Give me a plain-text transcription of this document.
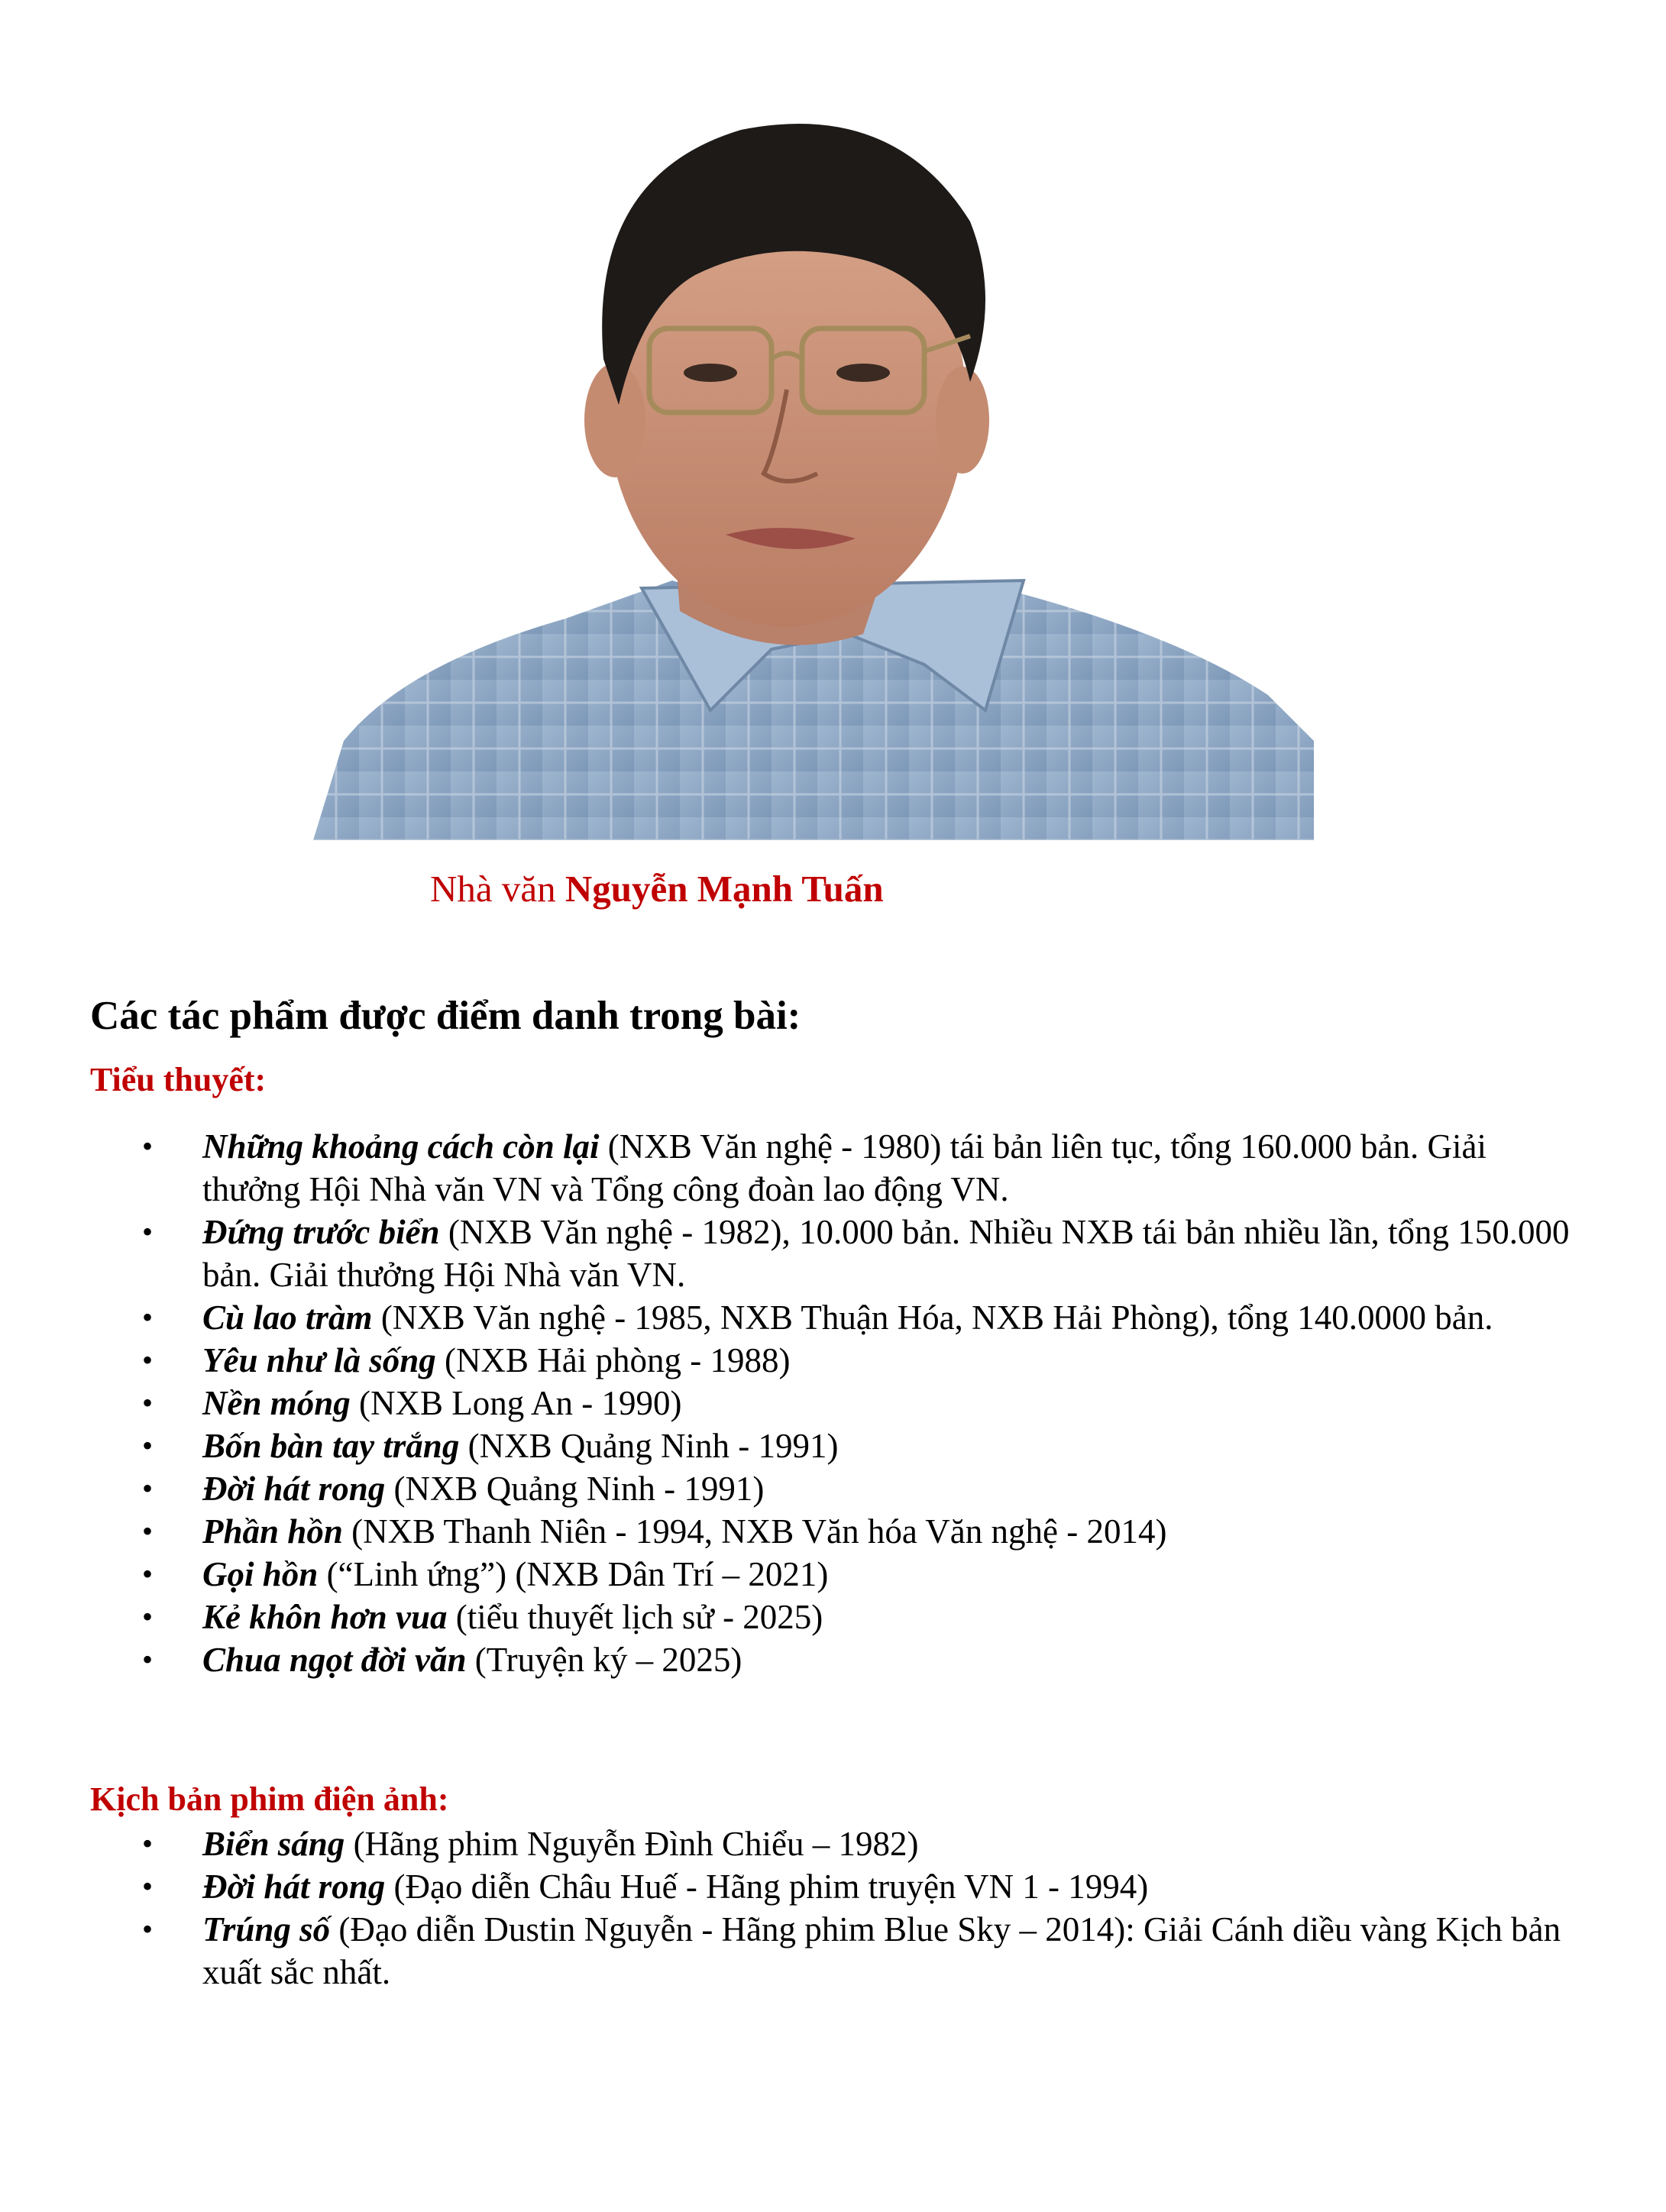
Nhà văn Nguyễn Mạnh Tuấn
Các tác phẩm được điểm danh trong bài:
Tiểu thuyết:
• Những khoảng cách còn lại (NXB Văn nghệ - 1980) tái bản liên tục, tổng 160.000 bản. Giải thưởng Hội Nhà văn VN và Tổng công đoàn lao động VN.
• Đứng trước biển (NXB Văn nghệ - 1982), 10.000 bản. Nhiều NXB tái bản nhiều lần, tổng 150.000 bản. Giải thưởng Hội Nhà văn VN.
• Cù lao tràm (NXB Văn nghệ - 1985, NXB Thuận Hóa, NXB Hải Phòng), tổng 140.0000 bản.
• Yêu như là sống (NXB Hải phòng - 1988)
• Nền móng (NXB Long An - 1990)
• Bốn bàn tay trắng (NXB Quảng Ninh - 1991)
• Đời hát rong (NXB Quảng Ninh - 1991)
• Phần hồn (NXB Thanh Niên - 1994, NXB Văn hóa Văn nghệ - 2014)
• Gọi hồn (“Linh ứng”) (NXB Dân Trí – 2021)
• Kẻ khôn hơn vua (tiểu thuyết lịch sử - 2025)
• Chua ngọt đời văn (Truyện ký – 2025)
Kịch bản phim điện ảnh:
• Biển sáng (Hãng phim Nguyễn Đình Chiểu – 1982)
• Đời hát rong (Đạo diễn Châu Huế - Hãng phim truyện VN 1 - 1994)
• Trúng số (Đạo diễn Dustin Nguyễn - Hãng phim Blue Sky – 2014): Giải Cánh diều vàng Kịch bản xuất sắc nhất.
